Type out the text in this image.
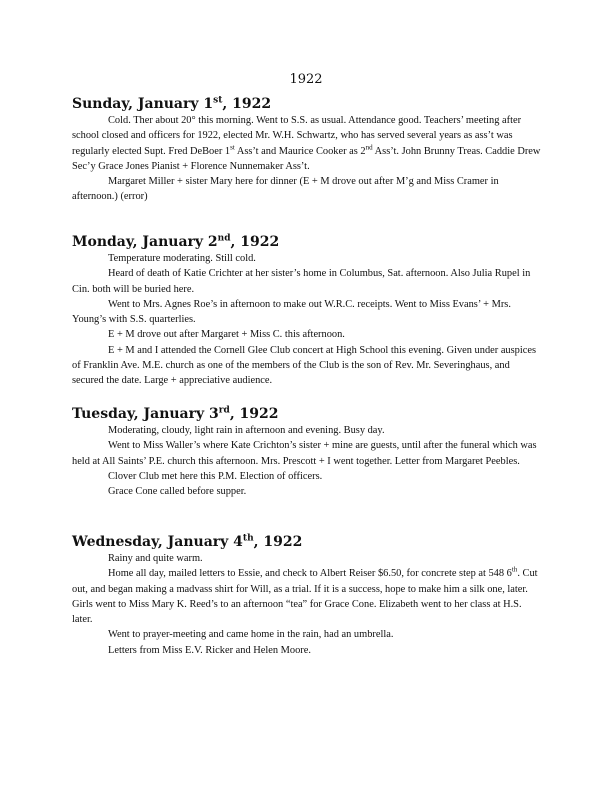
1922
Sunday, January 1st, 1922

Cold. Ther about 20° this morning. Went to S.S. as usual. Attendance good. Teachers’ meeting after school closed and officers for 1922, elected Mr. W.H. Schwartz, who has served several years as ass’t was regularly elected Supt. Fred DeBoer 1st Ass’t and Maurice Cooker as 2nd Ass’t. John Brunny Treas. Caddie Drew Sec’y Grace Jones Pianist + Florence Nunnemaker Ass’t.

Margaret Miller + sister Mary here for dinner (E + M drove out after M’g and Miss Cramer in afternoon.) (error)

Monday, January 2nd, 1922

Temperature moderating. Still cold.

Heard of death of Katie Crichter at her sister’s home in Columbus, Sat. afternoon. Also Julia Rupel in Cin. both will be buried here.

Went to Mrs. Agnes Roe’s in afternoon to make out W.R.C. receipts. Went to Miss Evans’ + Mrs. Young’s with S.S. quarterlies.

E + M drove out after Margaret + Miss C. this afternoon.

E + M and I attended the Cornell Glee Club concert at High School this evening. Given under auspices of Franklin Ave. M.E. church as one of the members of the Club is the son of Rev. Mr. Severinghaus, and secured the date. Large + appreciative audience.

Tuesday, January 3rd, 1922

Moderating, cloudy, light rain in afternoon and evening. Busy day.

Went to Miss Waller’s where Kate Crichton’s sister + mine are guests, until after the funeral which was held at All Saints’ P.E. church this afternoon. Mrs. Prescott + I went together. Letter from Margaret Peebles.

Clover Club met here this P.M. Election of officers.

Grace Cone called before supper.

Wednesday, January 4th, 1922

Rainy and quite warm.

Home all day, mailed letters to Essie, and check to Albert Reiser $6.50, for concrete step at 548 6th. Cut out, and began making a madvass shirt for Will, as a trial. If it is a success, hope to make him a silk one, later. Girls went to Miss Mary K. Reed’s to an afternoon “tea” for Grace Cone. Elizabeth went to her class at H.S. later.

Went to prayer-meeting and came home in the rain, had an umbrella.

Letters from Miss E.V. Ricker and Helen Moore.
